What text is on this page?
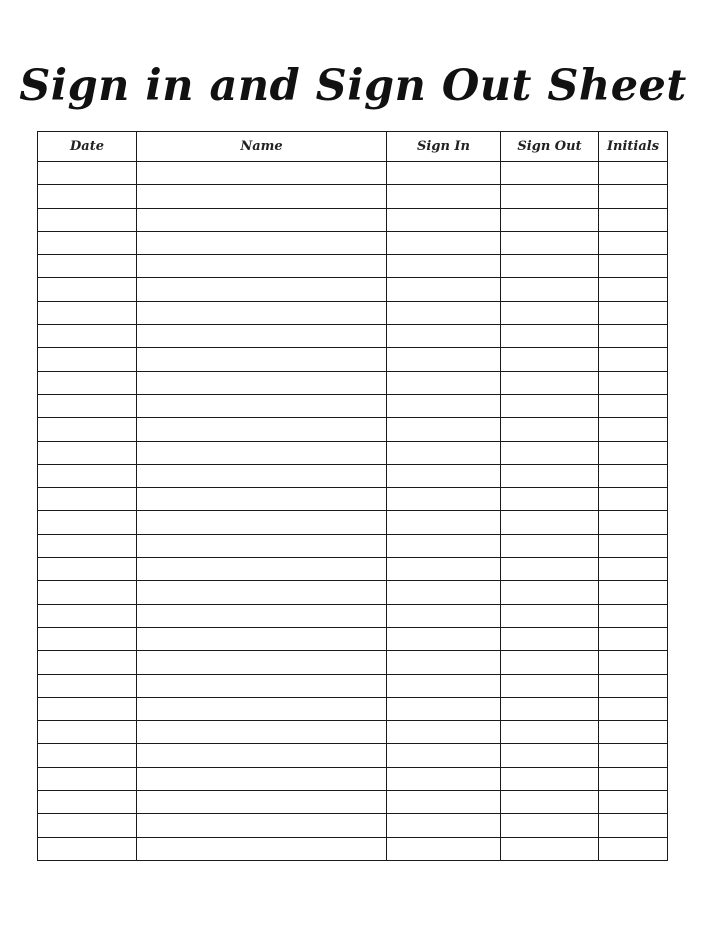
Sign in and Sign Out Sheet
Date	Name	Sign In	Sign Out	Initials
